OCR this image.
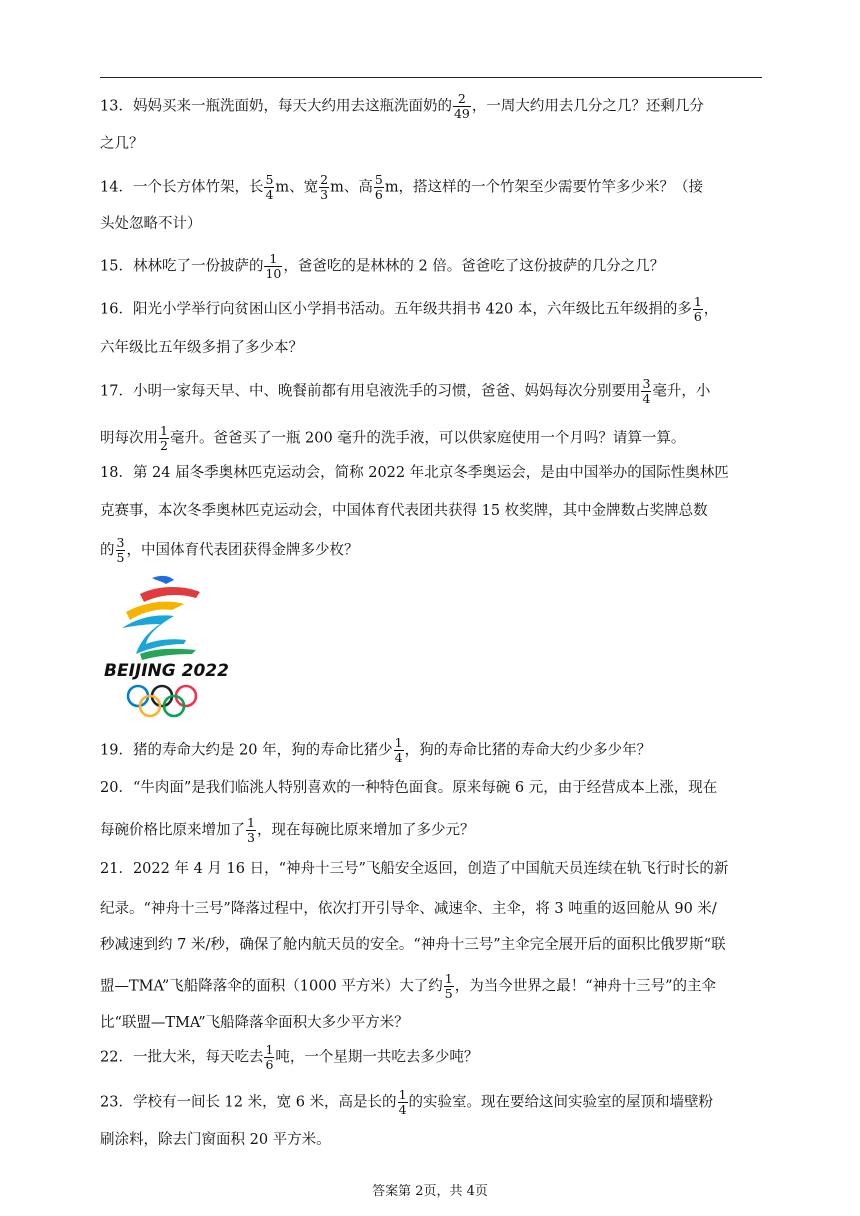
13．妈妈买来一瓶洗面奶，每天大约用去这瓶洗面奶的 $\frac{2}{49}$ ，一周大约用去几分之几？还剩几分
之几？
14．一个长方体竹架，长 $\frac{5}{4}$ m、宽 $\frac{2}{3}$ m、高 $\frac{5}{6}$ m，搭这样的一个竹架至少需要竹竿多少米？（接
头处忽略不计）
15．林林吃了一份披萨的 $\frac{1}{10}$ ，爸爸吃的是林林的 2 倍。爸爸吃了这份披萨的几分之几？
16．阳光小学举行向贫困山区小学捐书活动。五年级共捐书 420 本，六年级比五年级捐的多 $\frac{1}{6}$ ，
六年级比五年级多捐了多少本？
17．小明一家每天早、中、晚餐前都有用皂液洗手的习惯，爸爸、妈妈每次分别要用 $\frac{3}{4}$ 毫升，小
明每次用 $\frac{1}{2}$ 毫升。爸爸买了一瓶 200 毫升的洗手液，可以供家庭使用一个月吗？请算一算。
18．第 24 届冬季奥林匹克运动会，简称 2022 年北京冬季奥运会，是由中国举办的国际性奥林匹
克赛事，本次冬季奥林匹克运动会，中国体育代表团共获得 15 枚奖牌，其中金牌数占奖牌总数
的 $\frac{3}{5}$ ，中国体育代表团获得金牌多少枚？
19．猪的寿命大约是 20 年，狗的寿命比猪少 $\frac{1}{4}$ ，狗的寿命比猪的寿命大约少多少年？
20．“牛肉面”是我们临洮人特别喜欢的一种特色面食。原来每碗 6 元，由于经营成本上涨，现在
每碗价格比原来增加了 $\frac{1}{3}$ ，现在每碗比原来增加了多少元？
21．2022 年 4 月 16 日，“神舟十三号”飞船安全返回，创造了中国航天员连续在轨飞行时长的新
纪录。“神舟十三号”降落过程中，依次打开引导伞、减速伞、主伞，将 3 吨重的返回舱从 90 米/
秒减速到约 7 米/秒，确保了舱内航天员的安全。“神舟十三号”主伞完全展开后的面积比俄罗斯“联
盟—TMA”飞船降落伞的面积（1000 平方米）大了约 $\frac{1}{5}$ ，为当今世界之最！“神舟十三号”的主伞
比“联盟—TMA”飞船降落伞面积大多少平方米？
22．一批大米，每天吃去 $\frac{1}{6}$ 吨，一个星期一共吃去多少吨？
23．学校有一间长 12 米，宽 6 米，高是长的 $\frac{1}{4}$ 的实验室。现在要给这间实验室的屋顶和墙壁粉
刷涂料，除去门窗面积 20 平方米。
BEIJING 2022
答案第 2页，共 4页
